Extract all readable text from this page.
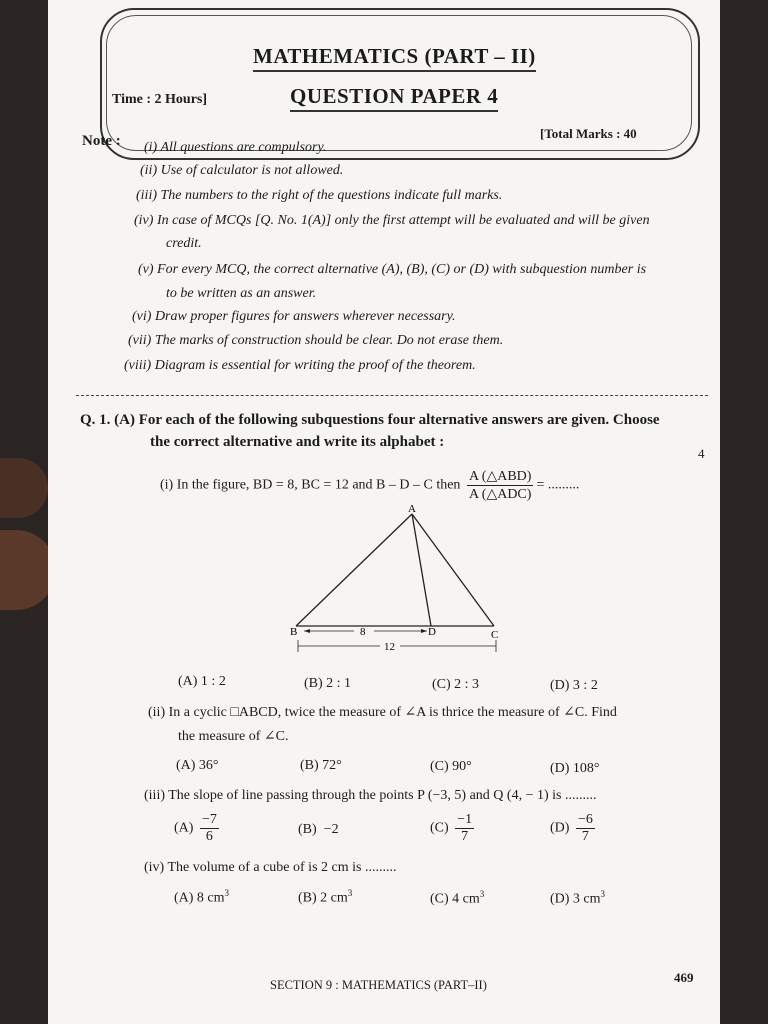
MATHEMATICS (PART – II)
QUESTION PAPER 4
Time : 2 Hours]
[Total Marks : 40
Note : (i) All questions are compulsory.
(ii) Use of calculator is not allowed.
(iii) The numbers to the right of the questions indicate full marks.
(iv) In case of MCQs [Q. No. 1(A)] only the first attempt will be evaluated and will be given
credit.
(v) For every MCQ, the correct alternative (A), (B), (C) or (D) with subquestion number is
to be written as an answer.
(vi) Draw proper figures for answers wherever necessary.
(vii) The marks of construction should be clear. Do not erase them.
(viii) Diagram is essential for writing the proof of the theorem.
Q. 1. (A) For each of the following subquestions four alternative answers are given. Choose
the correct alternative and write its alphabet :
4
(i) In the figure, BD = 8, BC = 12 and B – D – C then $\frac{\text{A (△ABD)}}{\text{A (△ADC)}}$ = .........
A
B	C
D
8
12
(A) 1 : 2	(B) 2 : 1	(C) 2 : 3	(D) 3 : 2
(ii) In a cyclic □ABCD, twice the measure of ∠A is thrice the measure of ∠C. Find
the measure of ∠C.
(A) 36°	(B) 72°	(C) 90°	(D) 108°
(iii) The slope of line passing through the points P (−3, 5) and Q (4, − 1) is .........
$(A) \frac{-7}{6}$	(B) −2	$(C) \frac{-1}{7}$	$(D) \frac{-6}{7}$
(iv) The volume of a cube of is 2 cm is .........
(A) 8 $cm^3$	(B) 2 $cm^3$	(C) 4 $cm^3$	(D) 3 $cm^3$
SECTION 9 : MATHEMATICS (PART–II)	469
